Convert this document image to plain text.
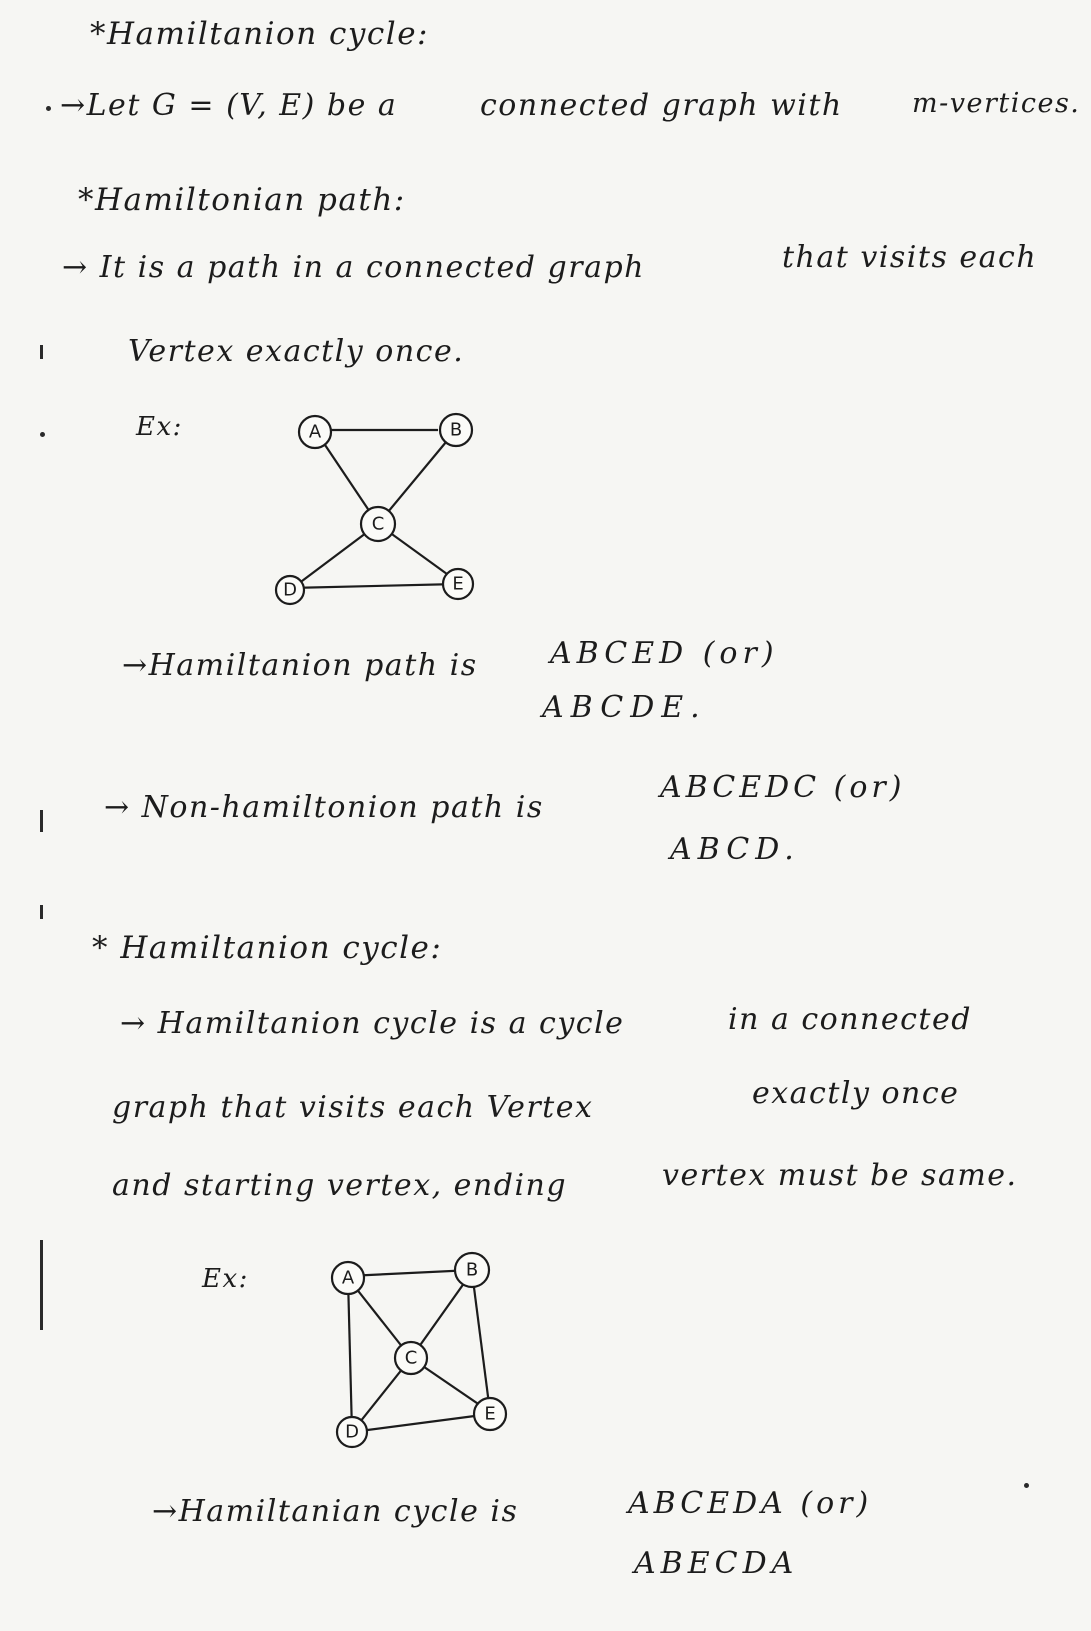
*Hamiltanion cycle:
→Let G = (V, E) be a	connected graph with	m-vertices.
*Hamiltonian path:
→ It is a path in a connected graph	that visits each
Vertex exactly once.
Ex:	A	B
C
D	E
→Hamiltanion path is ABCED (or)
ABCDE.
→ Non-hamiltonion path is
ABCEDC (or)
ABCD.
* Hamiltanion cycle:
→ Hamiltanion cycle is a cycle	in a connected
graph that visits each Vertex	exactly once
and starting vertex, ending	vertex must be same.
Ex:	A	B
C
D
E
→Hamiltanian cycle is	ABCEDA (or)
ABECDA
